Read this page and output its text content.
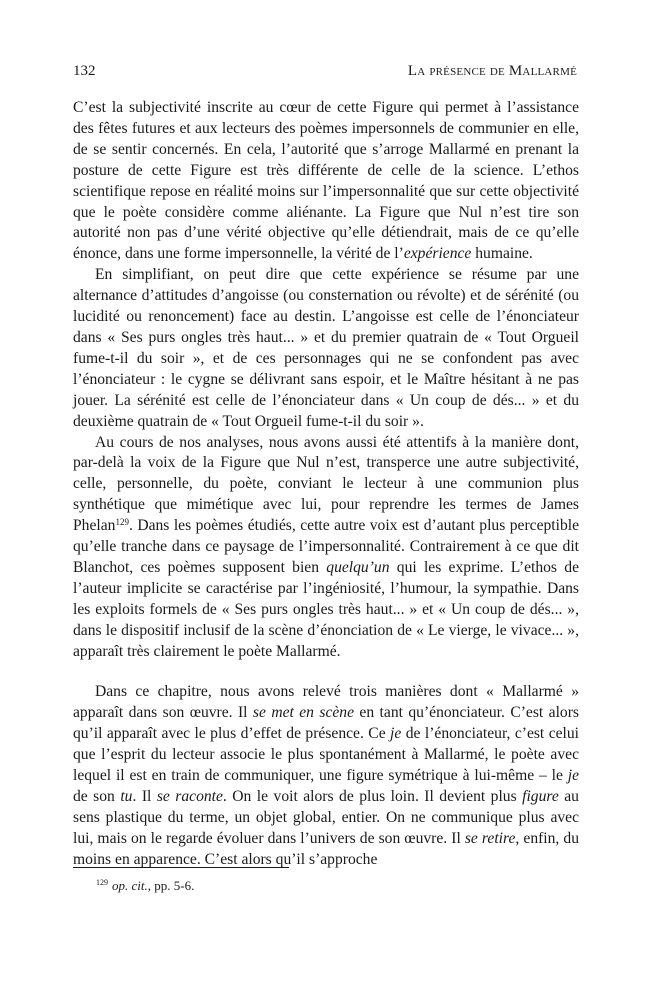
132	La présence de Mallarmé

C’est la subjectivité inscrite au cœur de cette Figure qui permet à l’assistance des fêtes futures et aux lecteurs des poèmes impersonnels de communier en elle, de se sentir concernés. En cela, l’autorité que s’arroge Mallarmé en prenant la posture de cette Figure est très différente de celle de la science. L’ethos scientifique repose en réalité moins sur l’impersonnalité que sur cette objectivité que le poète considère comme aliénante. La Figure que Nul n’est tire son autorité non pas d’une vérité objective qu’elle détiendrait, mais de ce qu’elle énonce, dans une forme impersonnelle, la vérité de l’expérience humaine.

En simplifiant, on peut dire que cette expérience se résume par une alternance d’attitudes d’angoisse (ou consternation ou révolte) et de sérénité (ou lucidité ou renoncement) face au destin. L’angoisse est celle de l’énonciateur dans « Ses purs ongles très haut... » et du premier quatrain de « Tout Orgueil fume-t-il du soir », et de ces personnages qui ne se confondent pas avec l’énonciateur : le cygne se délivrant sans espoir, et le Maître hésitant à ne pas jouer. La sérénité est celle de l’énonciateur dans « Un coup de dés... » et du deuxième quatrain de « Tout Orgueil fume-t-il du soir ».

Au cours de nos analyses, nous avons aussi été attentifs à la manière dont, par-delà la voix de la Figure que Nul n’est, transperce une autre subjectivité, celle, personnelle, du poète, conviant le lecteur à une communion plus synthétique que mimétique avec lui, pour reprendre les termes de James Phelan$^{129}$. Dans les poèmes étudiés, cette autre voix est d’autant plus perceptible qu’elle tranche dans ce paysage de l’impersonnalité. Contrairement à ce que dit Blanchot, ces poèmes supposent bien quelqu’un qui les exprime. L’ethos de l’auteur implicite se caractérise par l’ingéniosité, l’humour, la sympathie. Dans les exploits formels de « Ses purs ongles très haut... » et « Un coup de dés... », dans le dispositif inclusif de la scène d’énonciation de « Le vierge, le vivace... », apparaît très clairement le poète Mallarmé.

Dans ce chapitre, nous avons relevé trois manières dont « Mallarmé » apparaît dans son œuvre. Il se met en scène en tant qu’énonciateur. C’est alors qu’il apparaît avec le plus d’effet de présence. Ce je de l’énonciateur, c’est celui que l’esprit du lecteur associe le plus spontanément à Mallarmé, le poète avec lequel il est en train de communiquer, une figure symétrique à lui-même – le je de son tu. Il se raconte. On le voit alors de plus loin. Il devient plus figure au sens plastique du terme, un objet global, entier. On ne communique plus avec lui, mais on le regarde évoluer dans l’univers de son œuvre. Il se retire, enfin, du moins en apparence. C’est alors qu’il s’approche

$^{129}$ op. cit., pp. 5-6.
